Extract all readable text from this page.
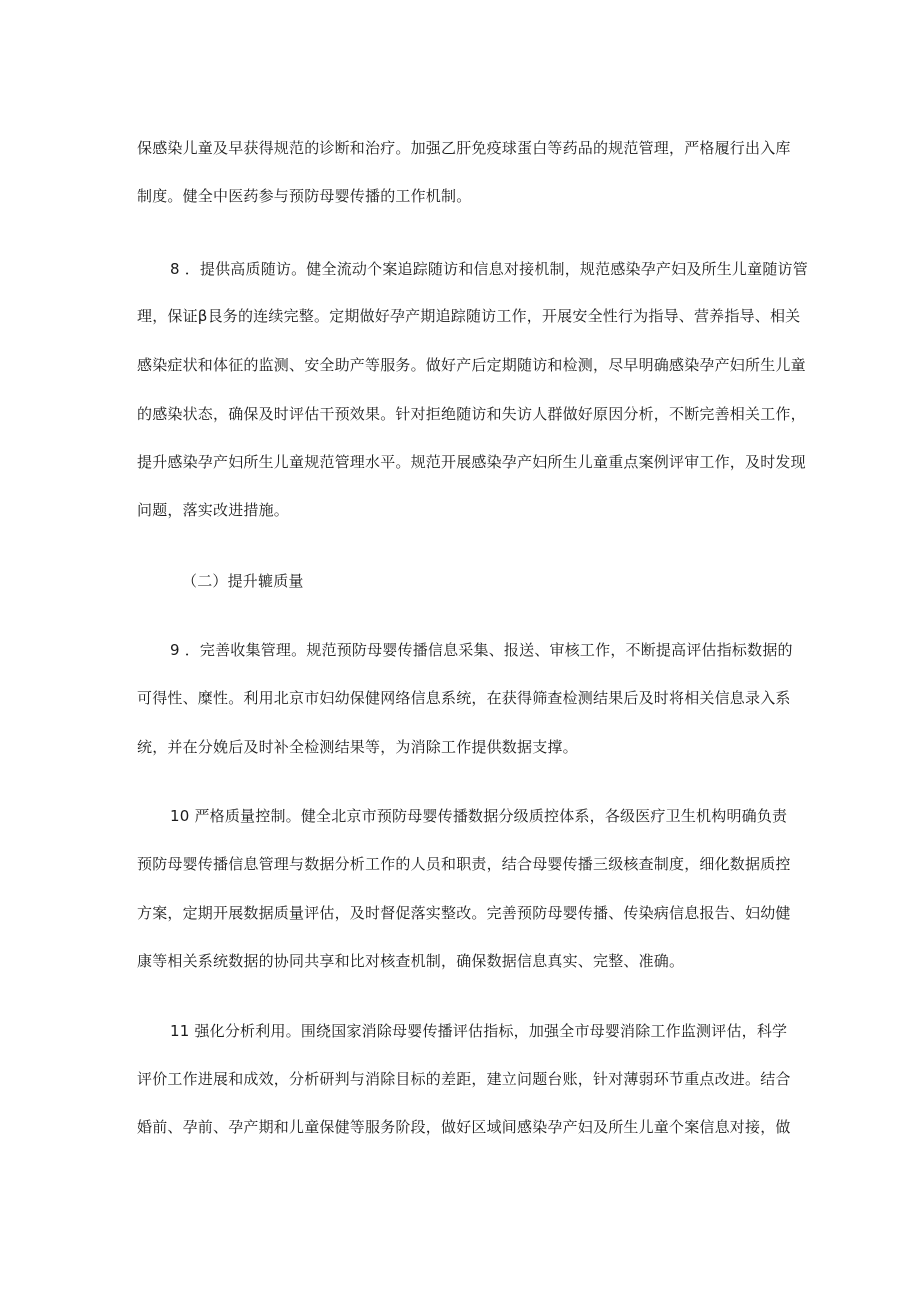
保感染儿童及早获得规范的诊断和治疗。加强乙肝免疫球蛋白等药品的规范管理，严格履行出入库
制度。健全中医药参与预防母婴传播的工作机制。
8 ．提供高质随访。健全流动个案追踪随访和信息对接机制，规范感染孕产妇及所生儿童随访管
理，保证β艮务的连续完整。定期做好孕产期追踪随访工作，开展安全性行为指导、营养指导、相关
感染症状和体征的监测、安全助产等服务。做好产后定期随访和检测，尽早明确感染孕产妇所生儿童
的感染状态，确保及时评估干预效果。针对拒绝随访和失访人群做好原因分析，不断完善相关工作，
提升感染孕产妇所生儿童规范管理水平。规范开展感染孕产妇所生儿童重点案例评审工作，及时发现
问题，落实改进措施。
（二）提升辘质量
9 ．完善收集管理。规范预防母婴传播信息采集、报送、审核工作，不断提高评估指标数据的
可得性、糜性。利用北京市妇幼保健网络信息系统，在获得筛查检测结果后及时将相关信息录入系
统，并在分娩后及时补全检测结果等，为消除工作提供数据支撑。
10 严格质量控制。健全北京市预防母婴传播数据分级质控体系，各级医疗卫生机构明确负责
预防母婴传播信息管理与数据分析工作的人员和职责，结合母婴传播三级核查制度，细化数据质控
方案，定期开展数据质量评估，及时督促落实整改。完善预防母婴传播、传染病信息报告、妇幼健
康等相关系统数据的协同共享和比对核查机制，确保数据信息真实、完整、准确。
11 强化分析利用。围绕国家消除母婴传播评估指标，加强全市母婴消除工作监测评估，科学
评价工作进展和成效，分析研判与消除目标的差距，建立问题台账，针对薄弱环节重点改进。结合
婚前、孕前、孕产期和儿童保健等服务阶段，做好区域间感染孕产妇及所生儿童个案信息对接，做
